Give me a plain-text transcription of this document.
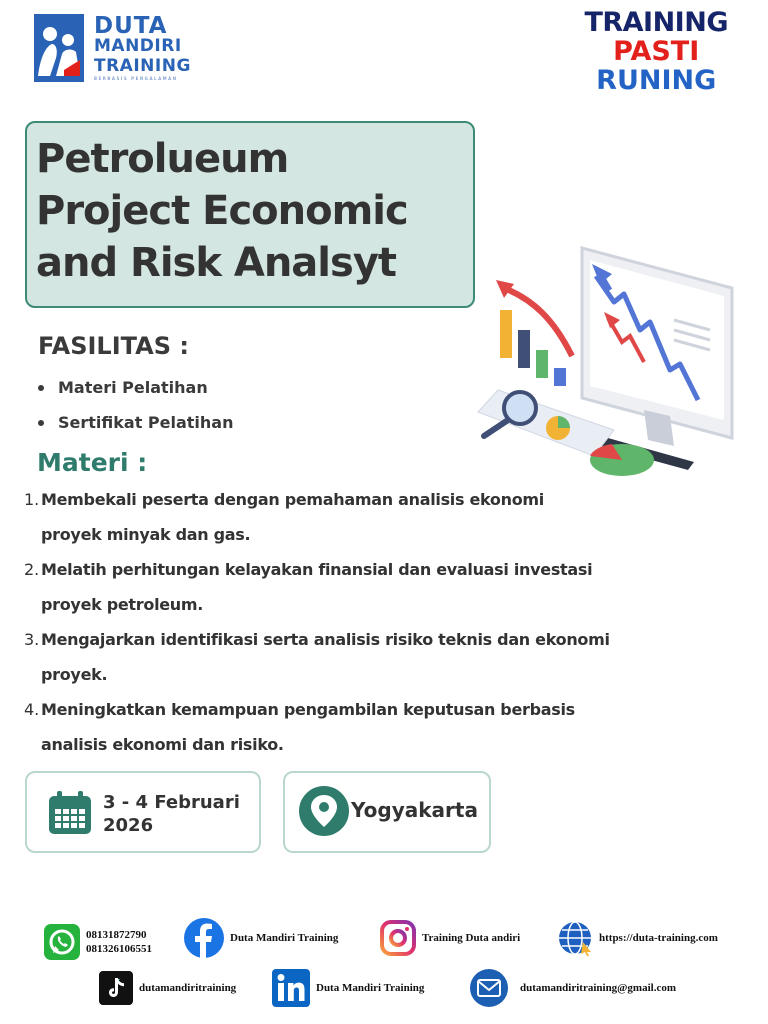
DUTA
MANDIRI
TRAINING
BERBASIS PENGALAMAN
TRAINING
PASTI
RUNING
Petrolueum
Project Economic
and Risk Analsyt
FASILITAS :
Materi Pelatihan
Sertifikat Pelatihan
Materi :
1. Membekali peserta dengan pemahaman analisis ekonomi
proyek minyak dan gas.
2. Melatih perhitungan kelayakan finansial dan evaluasi investasi
proyek petroleum.
3. Mengajarkan identifikasi serta analisis risiko teknis dan ekonomi
proyek.
4. Meningkatkan kemampuan pengambilan keputusan berbasis
analisis ekonomi dan risiko.
3 - 4 Februari
2026
Yogyakarta
08131872790
081326106551
Duta Mandiri Training	Training Duta andiri	https://duta-training.com
dutamandiritraining	Duta Mandiri Training	dutamandiritraining@gmail.com
